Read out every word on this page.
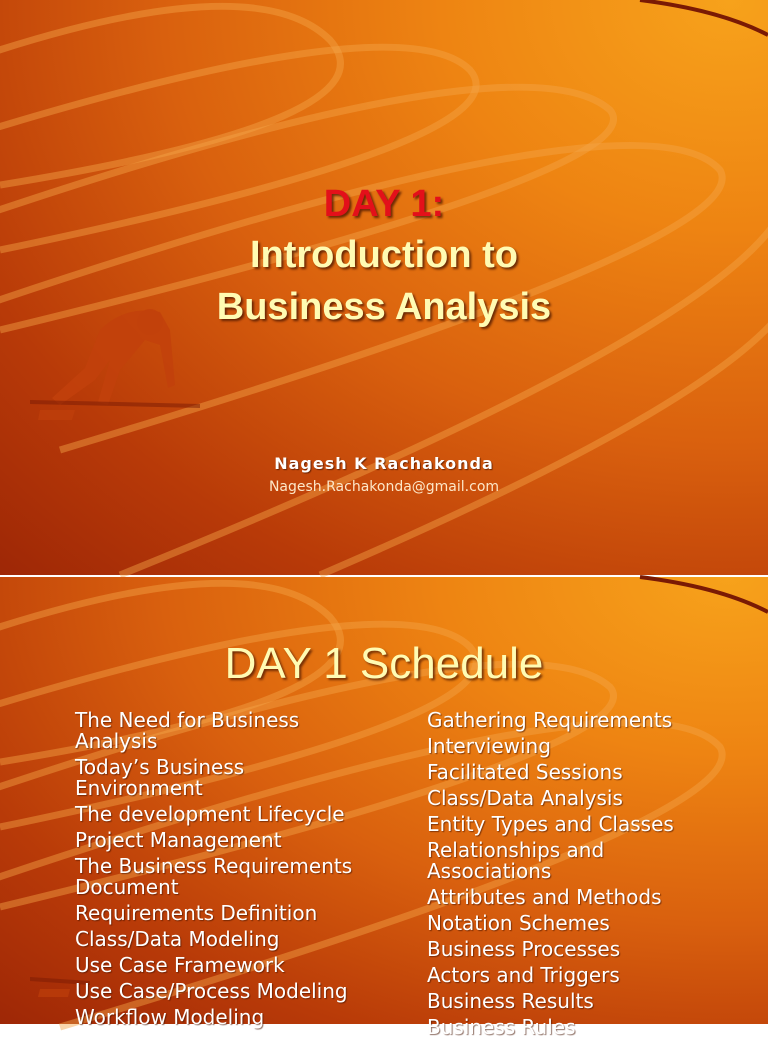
DAY 1:
Introduction to
Business Analysis
Nagesh K Rachakonda
Nagesh.Rachakonda@gmail.com
DAY 1 Schedule
The Need for Business Analysis
Today’s Business Environment
The development Lifecycle
Project Management
The Business Requirements Document
Requirements Definition
Class/Data Modeling
Use Case Framework
Use Case/Process Modeling
Workflow Modeling
Gathering Requirements
Interviewing
Facilitated Sessions
Class/Data Analysis
Entity Types and Classes
Relationships and Associations
Attributes and Methods
Notation Schemes
Business Processes
Actors and Triggers
Business Results
Business Rules
